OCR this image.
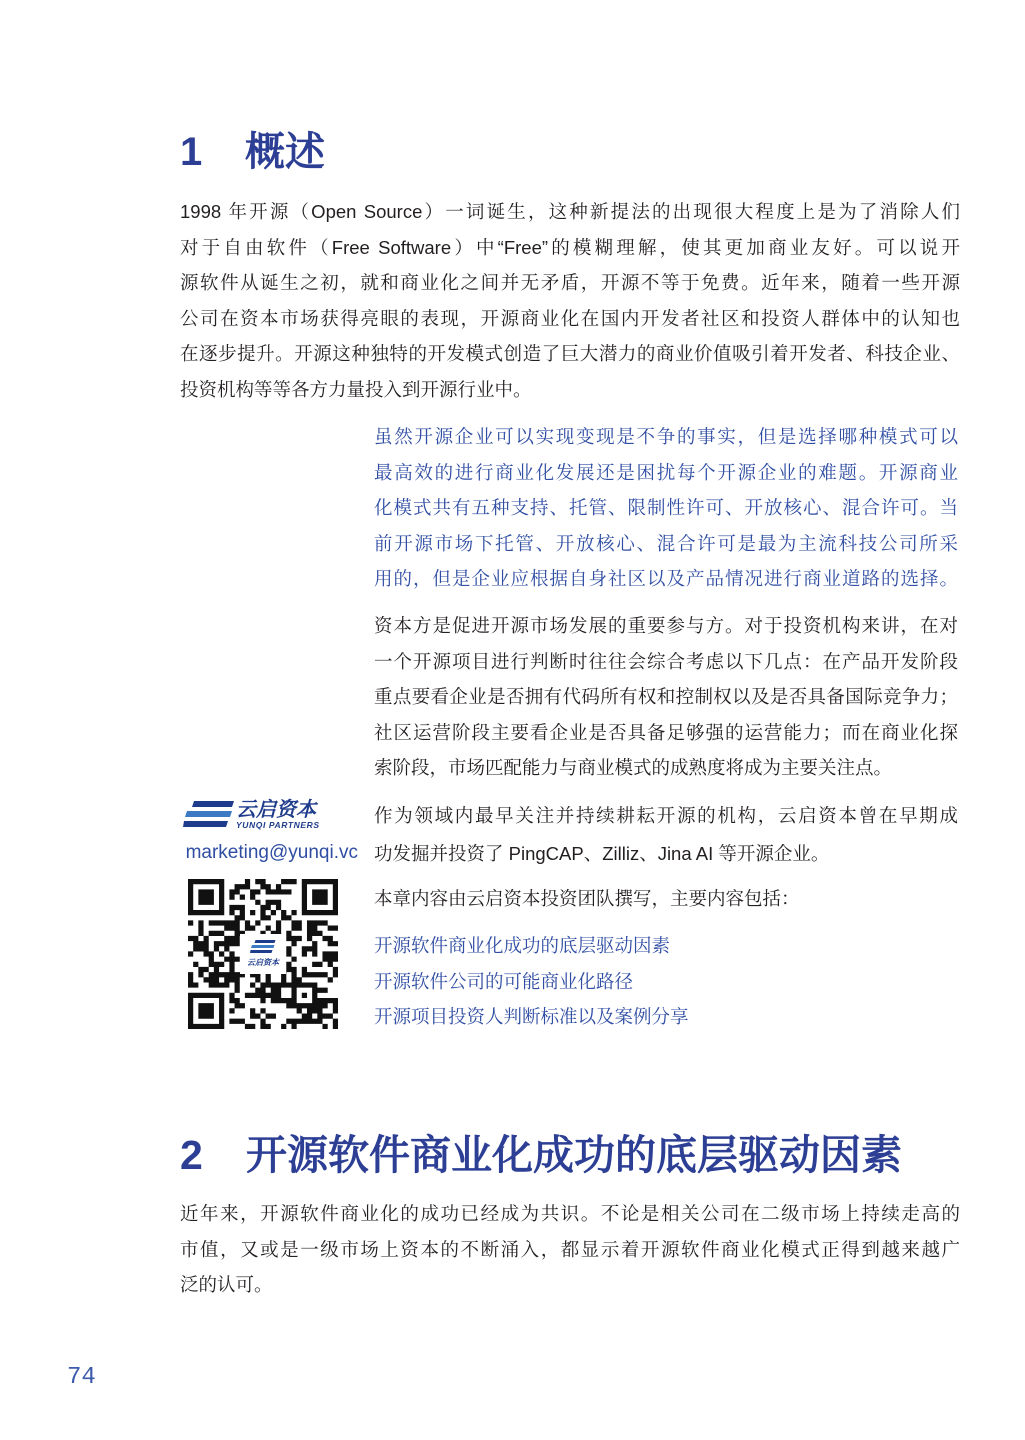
1 概述
1998 年开源（Open Source）一词诞生，这种新提法的出现很大程度上是为了消除人们
对于自由软件（Free Software）中“Free”的模糊理解，使其更加商业友好。可以说开
源软件从诞生之初，就和商业化之间并无矛盾，开源不等于免费。近年来，随着一些开源
公司在资本市场获得亮眼的表现，开源商业化在国内开发者社区和投资人群体中的认知也
在逐步提升。开源这种独特的开发模式创造了巨大潜力的商业价值吸引着开发者、科技企业、
投资机构等等各方力量投入到开源行业中。
虽然开源企业可以实现变现是不争的事实，但是选择哪种模式可以
最高效的进行商业化发展还是困扰每个开源企业的难题。开源商业
化模式共有五种支持、托管、限制性许可、开放核心、混合许可。当
前开源市场下托管、开放核心、混合许可是最为主流科技公司所采
用的，但是企业应根据自身社区以及产品情况进行商业道路的选择。
资本方是促进开源市场发展的重要参与方。对于投资机构来讲，在对
一个开源项目进行判断时往往会综合考虑以下几点：在产品开发阶段
重点要看企业是否拥有代码所有权和控制权以及是否具备国际竞争力；
社区运营阶段主要看企业是否具备足够强的运营能力；而在商业化探
索阶段，市场匹配能力与商业模式的成熟度将成为主要关注点。
云启资本
YUNQI PARTNERS
marketing@yunqi.vc
作为领域内最早关注并持续耕耘开源的机构，云启资本曾在早期成
功发掘并投资了 PingCAP、Zilliz、Jina AI 等开源企业。
云启资本
本章内容由云启资本投资团队撰写，主要内容包括：
开源软件商业化成功的底层驱动因素
开源软件公司的可能商业化路径
开源项目投资人判断标准以及案例分享
2 开源软件商业化成功的底层驱动因素
近年来，开源软件商业化的成功已经成为共识。不论是相关公司在二级市场上持续走高的
市值，又或是一级市场上资本的不断涌入，都显示着开源软件商业化模式正得到越来越广
泛的认可。
74
